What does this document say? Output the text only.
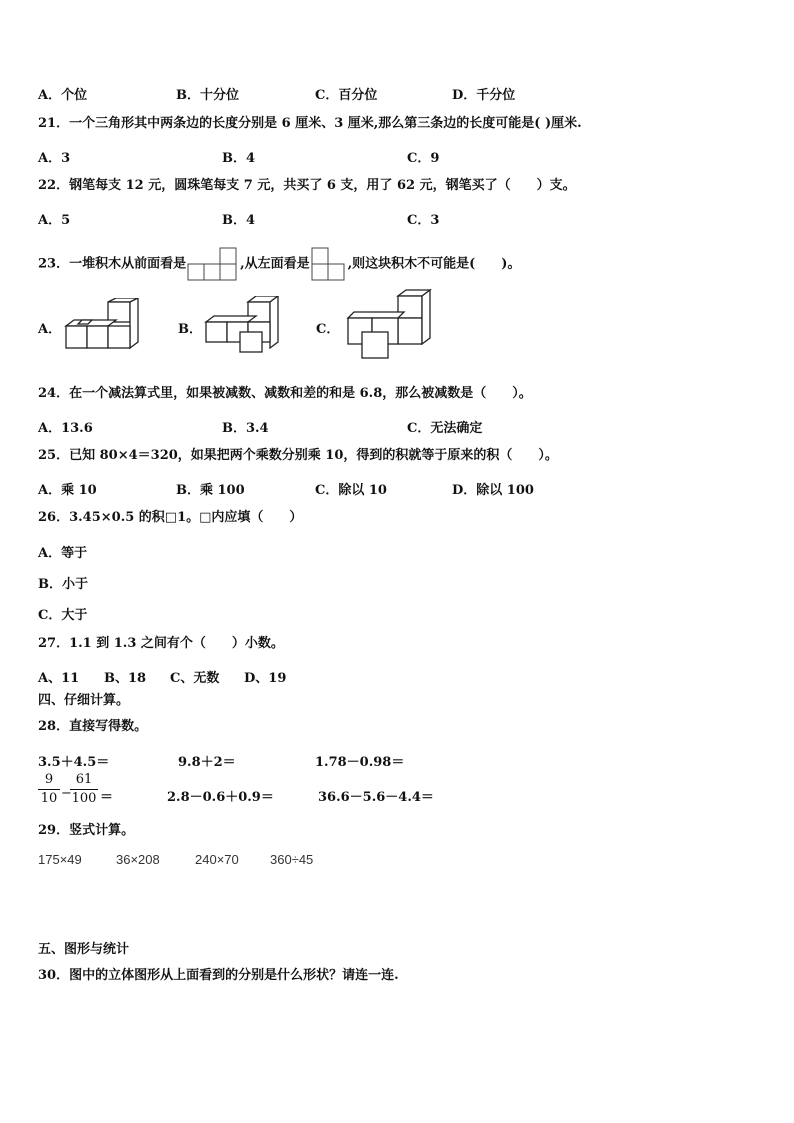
A．个位	B．十分位	C．百分位	D．千分位
21．一个三角形其中两条边的长度分别是 6 厘米、3 厘米,那么第三条边的长度可能是( )厘米.
A．3	B．4	C．9
22．钢笔每支 12 元，圆珠笔每支 7 元，共买了 6 支，用了 62 元，钢笔买了（　　）支。
A．5	B．4	C．3
23．一堆积木从前面看是	,从左面看是	,则这块积木不可能是(　　)。
A．	B．	C．
24．在一个减法算式里，如果被减数、减数和差的和是 6.8，那么被减数是（　　）。
A．13.6	B．3.4	C．无法确定
25．已知 80×4＝320，如果把两个乘数分别乘 10，得到的积就等于原来的积（　　）。
A．乘 10	B．乘 100	C．除以 10	D．除以 100
26．3.45×0.5 的积□1。□内应填（　　）
A．等于
B．小于
C．大于
27．1.1 到 1.3 之间有个（　　）小数。
A、11 B、18 C、无数 D、19
四、仔细计算。
28．直接写得数。
3.5＋4.5＝	9.8＋2＝	1.78－0.98＝
9
10 −
61
100 ＝	2.8－0.6＋0.9＝	36.6－5.6－4.4＝
29．竖式计算。
175×49	36×208	240×70 360÷45
五、图形与统计
30．图中的立体图形从上面看到的分别是什么形状？请连一连.
